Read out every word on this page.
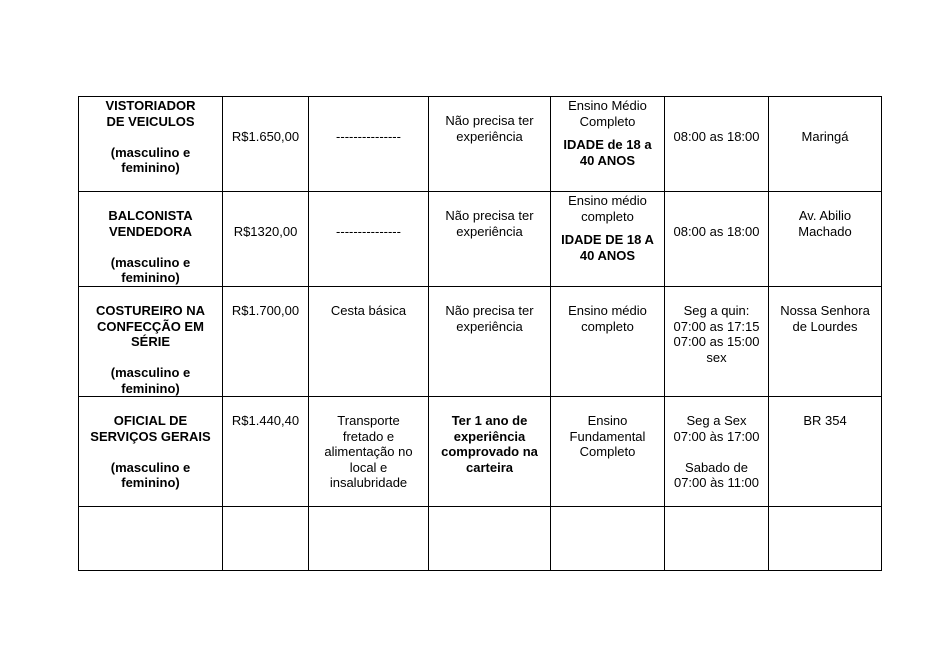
VISTORIADOR
DE VEICULOS
(masculino e
feminino)	R$1.650,00	---------------	Não precisa ter
experiência	Ensino Médio
Completo
IDADE de 18 a
40 ANOS	08:00 as 18:00	Maringá

BALCONISTA
VENDEDORA
(masculino e
feminino)	R$1320,00	---------------	Não precisa ter
experiência	Ensino médio
completo
IDADE DE 18 A
40 ANOS	08:00 as 18:00	Av. Abilio
Machado

COSTUREIRO NA
CONFECÇÃO EM
SÉRIE
(masculino e
feminino)	R$1.700,00	Cesta básica	Não precisa ter
experiência	Ensino médio
completo	Seg a quin:
07:00 as 17:15
07:00 as 15:00
sex	Nossa Senhora
de Lourdes

OFICIAL DE
SERVIÇOS GERAIS
(masculino e
feminino)	R$1.440,40	Transporte
fretado e
alimentação no
local e
insalubridade	Ter 1 ano de
experiência
comprovado na
carteira	Ensino
Fundamental
Completo	Seg a Sex
07:00 às 17:00
Sabado de
07:00 às 11:00	BR 354
